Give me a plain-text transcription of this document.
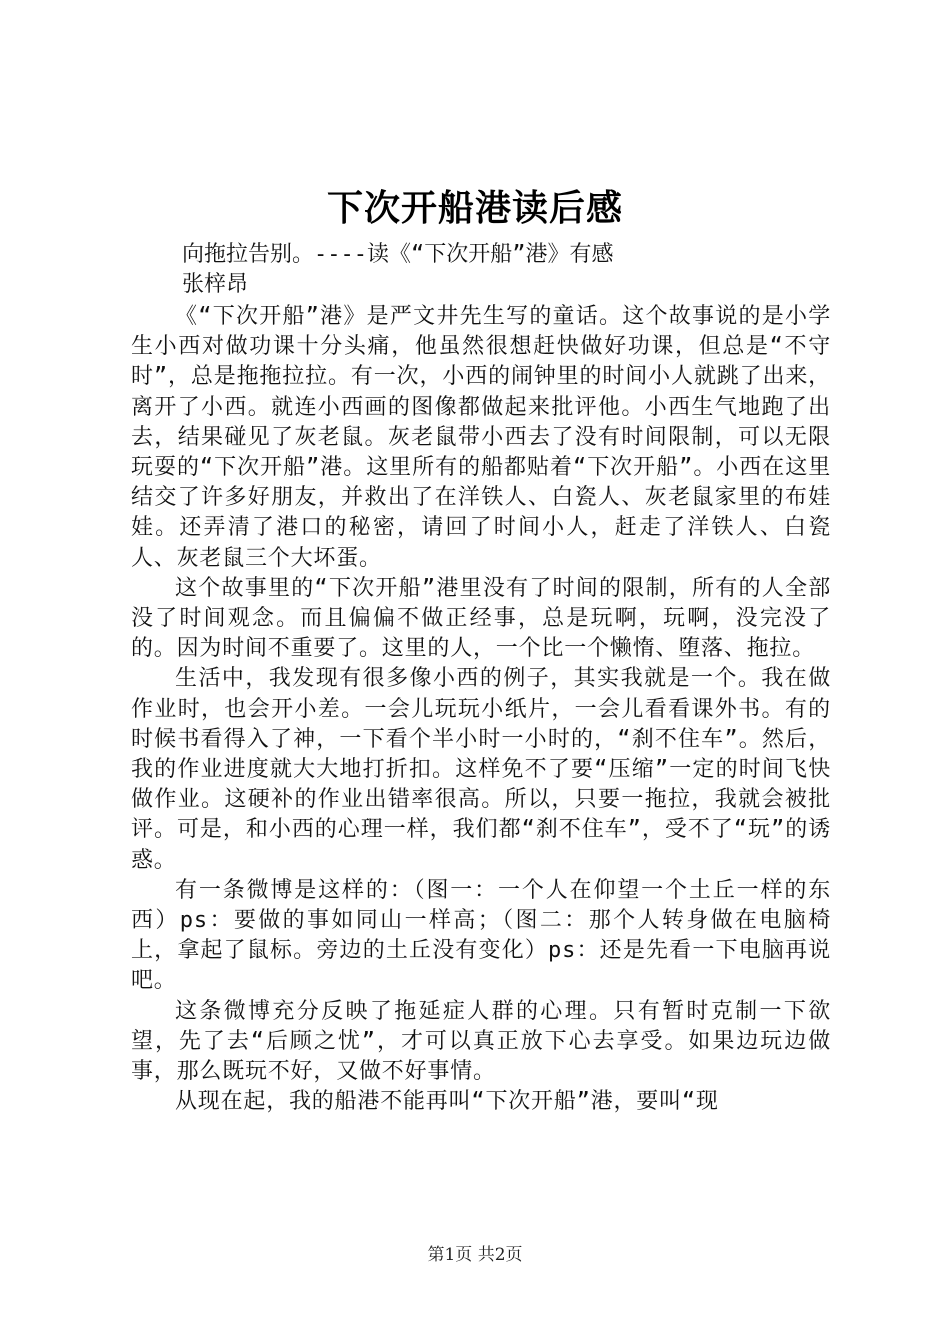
下次开船港读后感
向拖拉告别。----读《“下次开船”港》有感
张梓昂

《“下次开船”港》是严文井先生写的童话。这个故事说的是小学生小西对做功课十分头痛，他虽然很想赶快做好功课，但总是“不守时”，总是拖拖拉拉。有一次，小西的闹钟里的时间小人就跳了出来，离开了小西。就连小西画的图像都做起来批评他。小西生气地跑了出去，结果碰见了灰老鼠。灰老鼠带小西去了没有时间限制，可以无限玩耍的“下次开船”港。这里所有的船都贴着“下次开船”。小西在这里结交了许多好朋友，并救出了在洋铁人、白瓷人、灰老鼠家里的布娃娃。还弄清了港口的秘密，请回了时间小人，赶走了洋铁人、白瓷人、灰老鼠三个大坏蛋。

这个故事里的“下次开船”港里没有了时间的限制，所有的人全部没了时间观念。而且偏偏不做正经事，总是玩啊，玩啊，没完没了的。因为时间不重要了。这里的人，一个比一个懒惰、堕落、拖拉。

生活中，我发现有很多像小西的例子，其实我就是一个。我在做作业时，也会开小差。一会儿玩玩小纸片，一会儿看看课外书。有的时候书看得入了神，一下看个半小时一小时的，“刹不住车”。然后，我的作业进度就大大地打折扣。这样免不了要“压缩”一定的时间飞快做作业。这硬补的作业出错率很高。所以，只要一拖拉，我就会被批评。可是，和小西的心理一样，我们都“刹不住车”，受不了“玩”的诱惑。

有一条微博是这样的：（图一：一个人在仰望一个土丘一样的东西）ps：要做的事如同山一样高；（图二：那个人转身做在电脑椅上，拿起了鼠标。旁边的土丘没有变化）ps：还是先看一下电脑再说吧。

这条微博充分反映了拖延症人群的心理。只有暂时克制一下欲望，先了去“后顾之忧”，才可以真正放下心去享受。如果边玩边做事，那么既玩不好，又做不好事情。

从现在起，我的船港不能再叫“下次开船”港，要叫“现

第1页 共2页
